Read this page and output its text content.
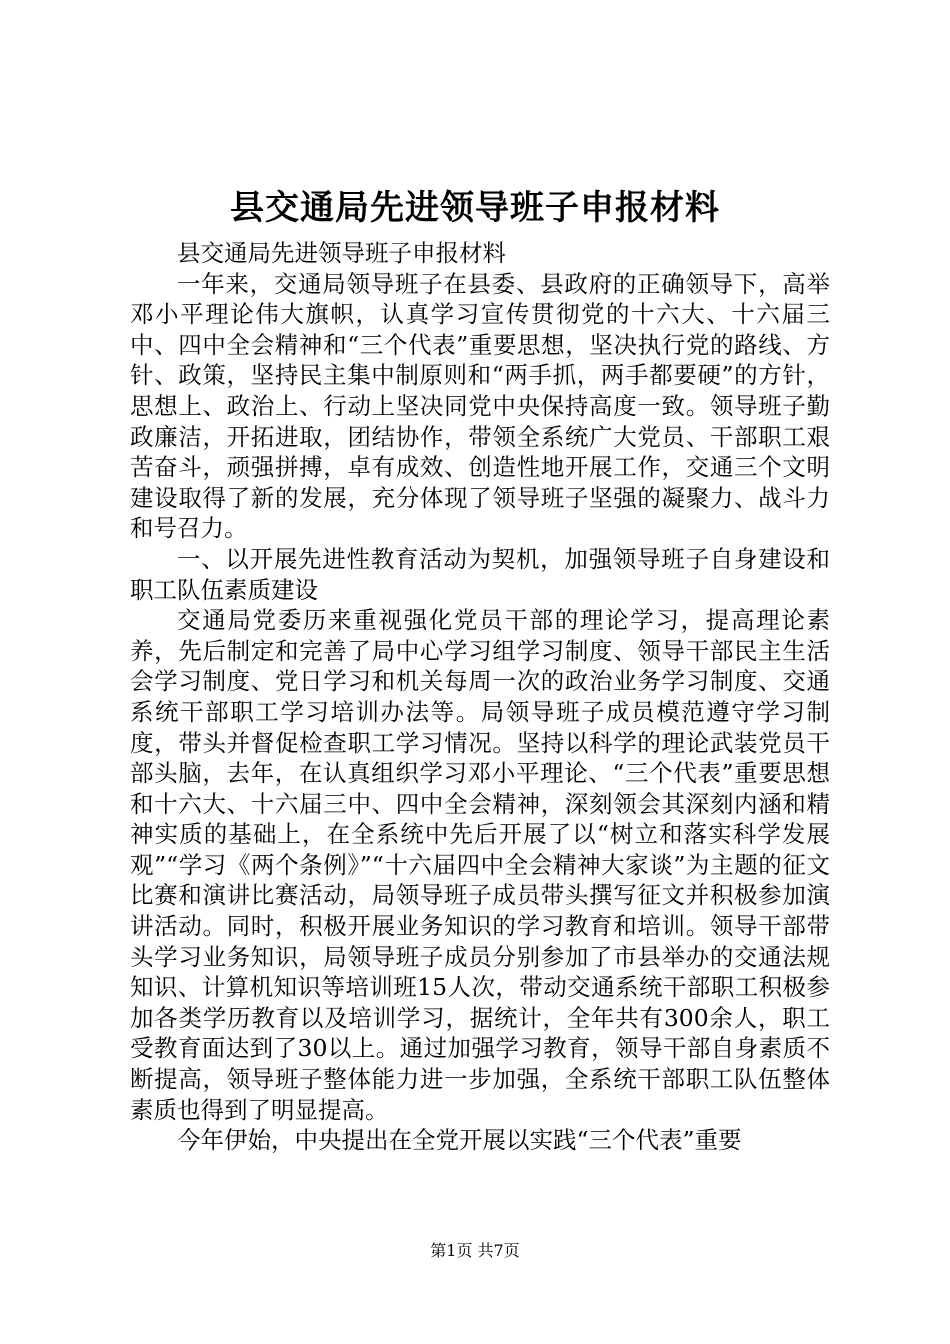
县交通局先进领导班子申报材料

县交通局先进领导班子申报材料

一年来，交通局领导班子在县委、县政府的正确领导下，高举邓小平理论伟大旗帜，认真学习宣传贯彻党的十六大、十六届三中、四中全会精神和“三个代表”重要思想，坚决执行党的路线、方针、政策，坚持民主集中制原则和“两手抓，两手都要硬”的方针，思想上、政治上、行动上坚决同党中央保持高度一致。领导班子勤政廉洁，开拓进取，团结协作，带领全系统广大党员、干部职工艰苦奋斗，顽强拼搏，卓有成效、创造性地开展工作，交通三个文明建设取得了新的发展，充分体现了领导班子坚强的凝聚力、战斗力和号召力。

一、以开展先进性教育活动为契机，加强领导班子自身建设和职工队伍素质建设

交通局党委历来重视强化党员干部的理论学习，提高理论素养，先后制定和完善了局中心学习组学习制度、领导干部民主生活会学习制度、党日学习和机关每周一次的政治业务学习制度、交通系统干部职工学习培训办法等。局领导班子成员模范遵守学习制度，带头并督促检查职工学习情况。坚持以科学的理论武装党员干部头脑，去年，在认真组织学习邓小平理论、“三个代表”重要思想和十六大、十六届三中、四中全会精神，深刻领会其深刻内涵和精神实质的基础上，在全系统中先后开展了以“树立和落实科学发展观”“学习《两个条例》”“十六届四中全会精神大家谈”为主题的征文比赛和演讲比赛活动，局领导班子成员带头撰写征文并积极参加演讲活动。同时，积极开展业务知识的学习教育和培训。领导干部带头学习业务知识，局领导班子成员分别参加了市县举办的交通法规知识、计算机知识等培训班15人次，带动交通系统干部职工积极参加各类学历教育以及培训学习，据统计，全年共有300余人，职工受教育面达到了30以上。通过加强学习教育，领导干部自身素质不断提高，领导班子整体能力进一步加强，全系统干部职工队伍整体素质也得到了明显提高。

今年伊始，中央提出在全党开展以实践“三个代表”重要

第1页 共7页
